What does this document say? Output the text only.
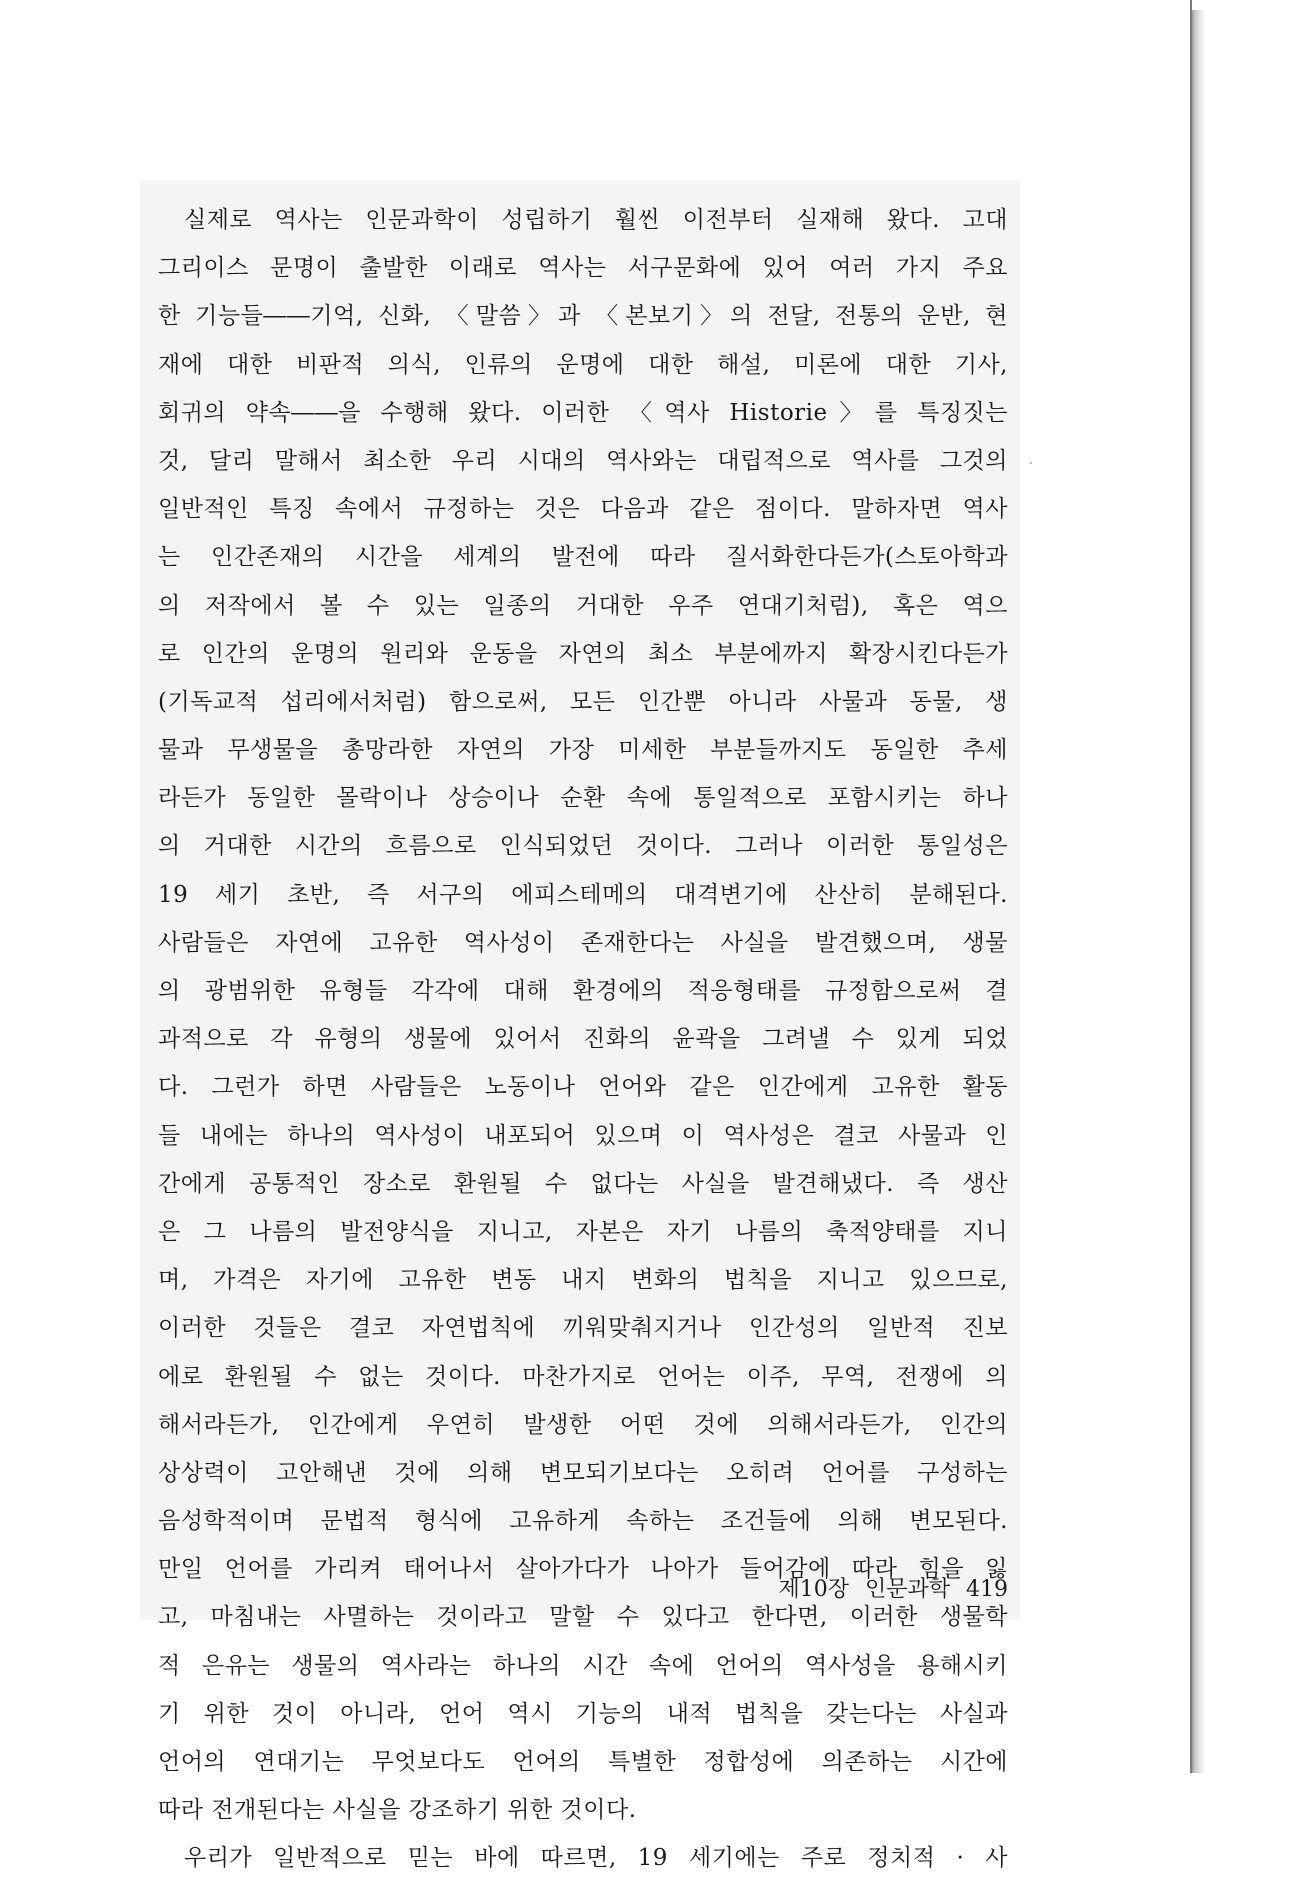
실제로 역사는 인문과학이 성립하기 훨씬 이전부터 실재해 왔다. 고대
그리이스 문명이 출발한 이래로 역사는 서구문화에 있어 여러 가지 주요
한 기능들――기억, 신화, 〈말씀〉과 〈본보기〉의 전달, 전통의 운반, 현
재에 대한 비판적 의식, 인류의 운명에 대한 해설, 미론에 대한 기사,
회귀의 약속――을 수행해 왔다. 이러한 〈역사 Historie〉를 특징짓는
것, 달리 말해서 최소한 우리 시대의 역사와는 대립적으로 역사를 그것의
일반적인 특징 속에서 규정하는 것은 다음과 같은 점이다. 말하자면 역사
는 인간존재의 시간을 세계의 발전에 따라 질서화한다든가(스토아학과
의 저작에서 볼 수 있는 일종의 거대한 우주 연대기처럼), 혹은 역으
로 인간의 운명의 원리와 운동을 자연의 최소 부분에까지 확장시킨다든가
(기독교적 섭리에서처럼) 함으로써, 모든 인간뿐 아니라 사물과 동물, 생
물과 무생물을 총망라한 자연의 가장 미세한 부분들까지도 동일한 추세
라든가 동일한 몰락이나 상승이나 순환 속에 통일적으로 포함시키는 하나
의 거대한 시간의 흐름으로 인식되었던 것이다. 그러나 이러한 통일성은
19 세기 초반, 즉 서구의 에피스테메의 대격변기에 산산히 분해된다.
사람들은 자연에 고유한 역사성이 존재한다는 사실을 발견했으며, 생물
의 광범위한 유형들 각각에 대해 환경에의 적응형태를 규정함으로써 결
과적으로 각 유형의 생물에 있어서 진화의 윤곽을 그려낼 수 있게 되었
다. 그런가 하면 사람들은 노동이나 언어와 같은 인간에게 고유한 활동
들 내에는 하나의 역사성이 내포되어 있으며 이 역사성은 결코 사물과 인
간에게 공통적인 장소로 환원될 수 없다는 사실을 발견해냈다. 즉 생산
은 그 나름의 발전양식을 지니고, 자본은 자기 나름의 축적양태를 지니
며, 가격은 자기에 고유한 변동 내지 변화의 법칙을 지니고 있으므로,
이러한 것들은 결코 자연법칙에 끼워맞춰지거나 인간성의 일반적 진보
에로 환원될 수 없는 것이다. 마찬가지로 언어는 이주, 무역, 전쟁에 의
해서라든가, 인간에게 우연히 발생한 어떤 것에 의해서라든가, 인간의
상상력이 고안해낸 것에 의해 변모되기보다는 오히려 언어를 구성하는
음성학적이며 문법적 형식에 고유하게 속하는 조건들에 의해 변모된다.
만일 언어를 가리켜 태어나서 살아가다가 나아가 들어감에 따라 힘을 잃
고, 마침내는 사멸하는 것이라고 말할 수 있다고 한다면, 이러한 생물학
적 은유는 생물의 역사라는 하나의 시간 속에 언어의 역사성을 용해시키
기 위한 것이 아니라, 언어 역시 기능의 내적 법칙을 갖는다는 사실과
언어의 연대기는 무엇보다도 언어의 특별한 정합성에 의존하는 시간에
따라 전개된다는 사실을 강조하기 위한 것이다.
우리가 일반적으로 믿는 바에 따르면, 19 세기에는 주로 정치적 · 사
제10장 인문과학 419
